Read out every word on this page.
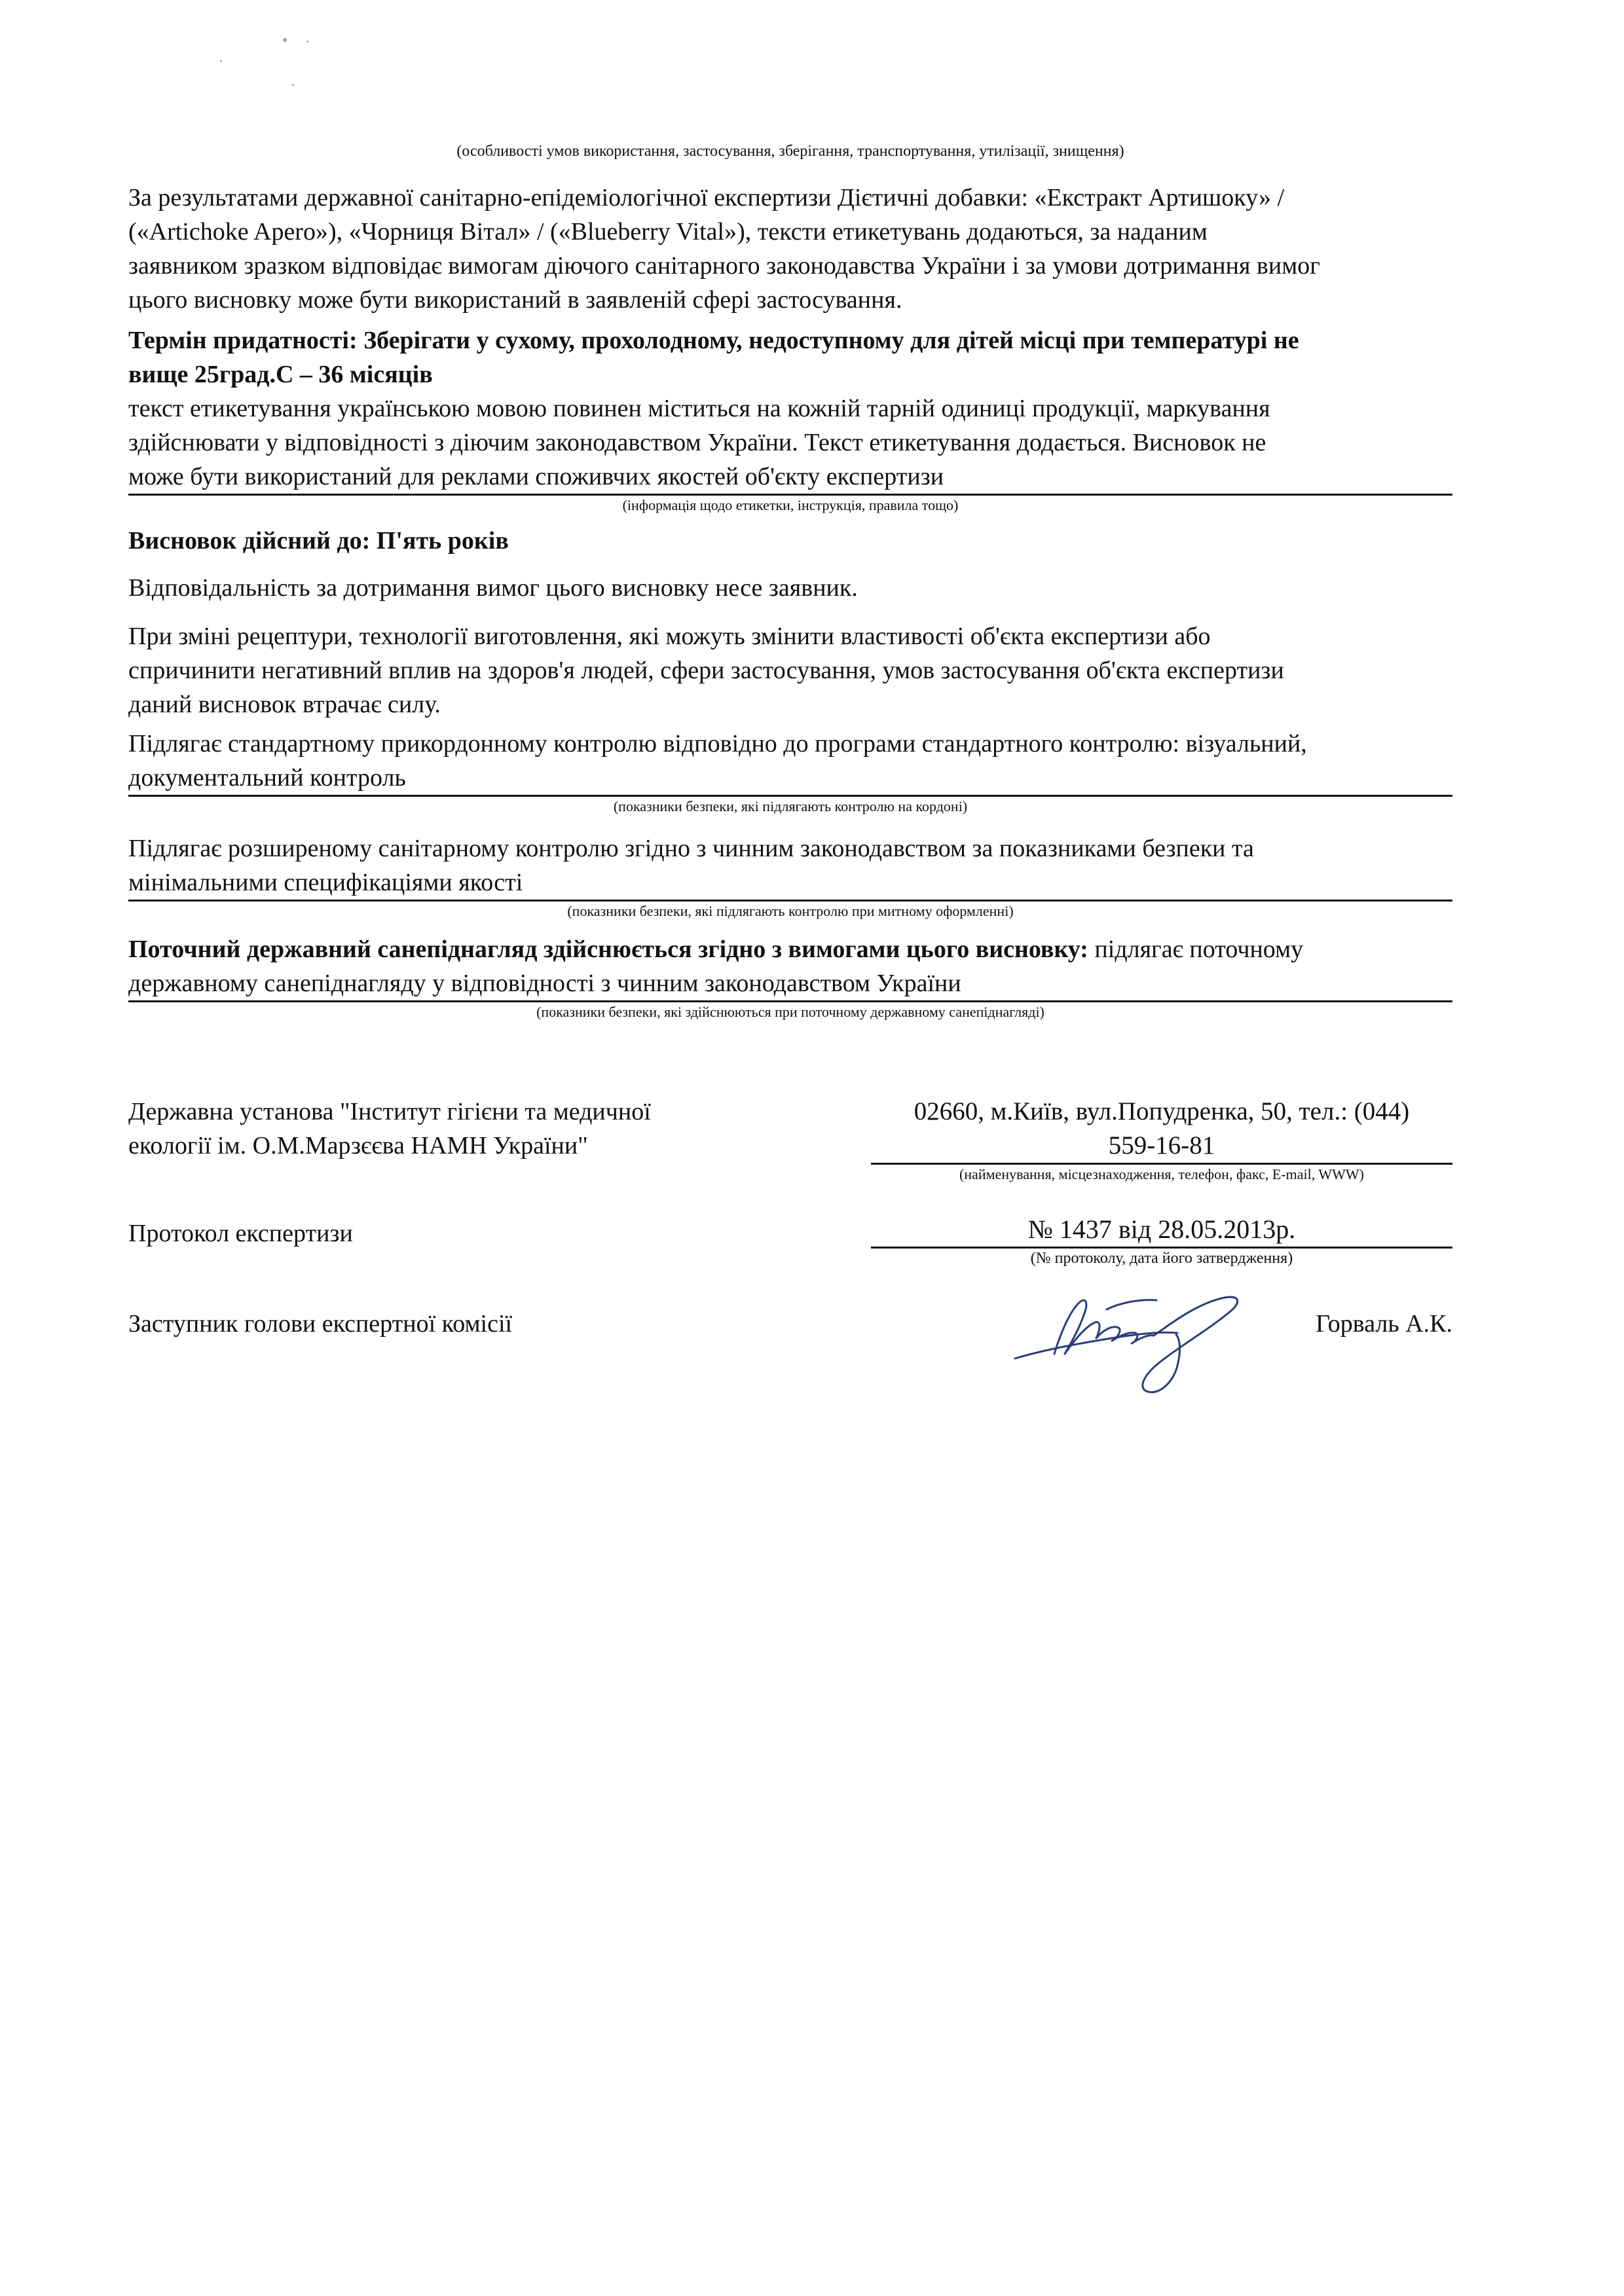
(особливості умов використання, застосування, зберігання, транспортування, утилізації, знищення)

За результатами державної санітарно-епідеміологічної експертизи Дієтичні добавки: «Екстракт Артишоку» /

(«Artichoke Apero»), «Чорниця Вітал» / («Blueberry Vital»), тексти етикетувань додаються, за наданим

заявником зразком відповідає вимогам діючого санітарного законодавства України і за умови дотримання вимог

цього висновку може бути використаний в заявленій сфері застосування.

Термін придатності: Зберігати у сухому, прохолодному, недоступному для дітей місці при температурі не

вище 25град.С – 36 місяців

текст етикетування українською мовою повинен міститься на кожній тарній одиниці продукції, маркування

здійснювати у відповідності з діючим законодавством України. Текст етикетування додається. Висновок не

може бути використаний для реклами споживчих якостей об'єкту експертизи

(інформація щодо етикетки, інструкція, правила тощо)

Висновок дійсний до: П'ять років

Відповідальність за дотримання вимог цього висновку несе заявник.

При зміні рецептури, технології виготовлення, які можуть змінити властивості об'єкта експертизи або

спричинити негативний вплив на здоров'я людей, сфери застосування, умов застосування об'єкта експертизи

даний висновок втрачає силу.

Підлягає стандартному прикордонному контролю відповідно до програми стандартного контролю: візуальний,

документальний контроль

(показники безпеки, які підлягають контролю на кордоні)

Підлягає розширеному санітарному контролю згідно з чинним законодавством за показниками безпеки та

мінімальними специфікаціями якості

(показники безпеки, які підлягають контролю при митному оформленні)

Поточний державний санепіднагляд здійснюється згідно з вимогами цього висновку: підлягає поточному

державному санепіднагляду у відповідності з чинним законодавством України

(показники безпеки, які здійснюються при поточному державному санепіднагляді)

Державна установа "Інститут гігієни та медичної

екології ім. О.М.Марзєєва НАМН України"

02660, м.Київ, вул.Попудренка, 50, тел.: (044)

559-16-81

(найменування, місцезнаходження, телефон, факс, E-mail, WWW)

Протокол експертизи	№ 1437 від 28.05.2013р.

(№ протоколу, дата його затвердження)

Заступник голови експертної комісії	Горваль А.К.
